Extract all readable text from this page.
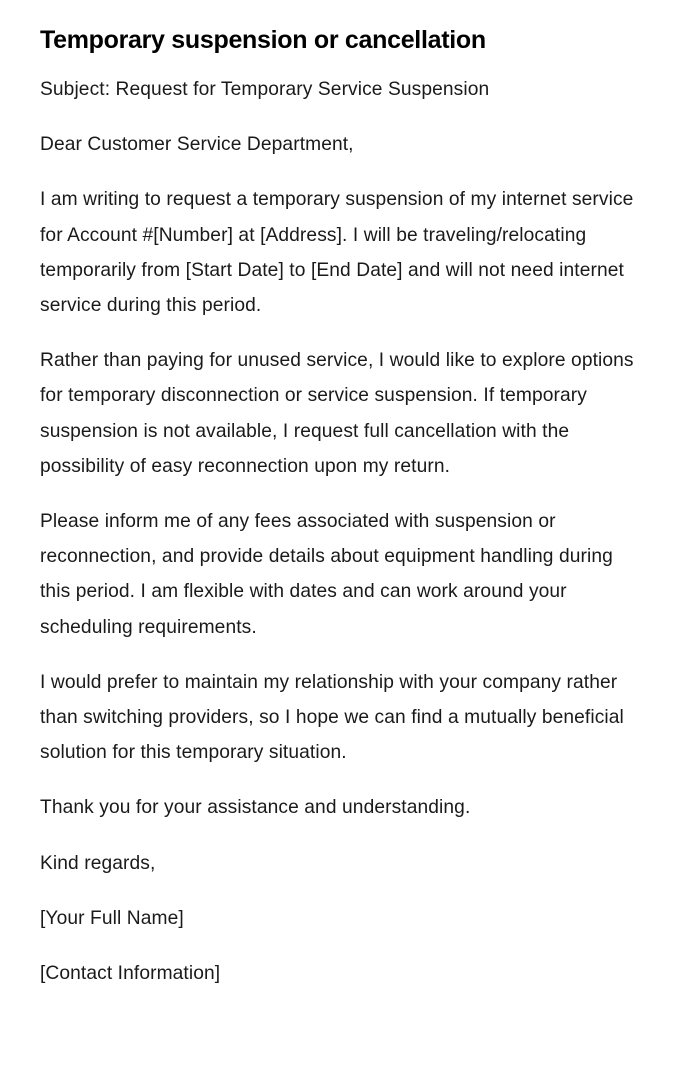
Temporary suspension or cancellation

Subject: Request for Temporary Service Suspension

Dear Customer Service Department,

I am writing to request a temporary suspension of my internet service for Account #[Number] at [Address]. I will be traveling/relocating temporarily from [Start Date] to [End Date] and will not need internet service during this period.

Rather than paying for unused service, I would like to explore options for temporary disconnection or service suspension. If temporary suspension is not available, I request full cancellation with the possibility of easy reconnection upon my return.

Please inform me of any fees associated with suspension or reconnection, and provide details about equipment handling during this period. I am flexible with dates and can work around your scheduling requirements.

I would prefer to maintain my relationship with your company rather than switching providers, so I hope we can find a mutually beneficial solution for this temporary situation.

Thank you for your assistance and understanding.

Kind regards,

[Your Full Name]

[Contact Information]
